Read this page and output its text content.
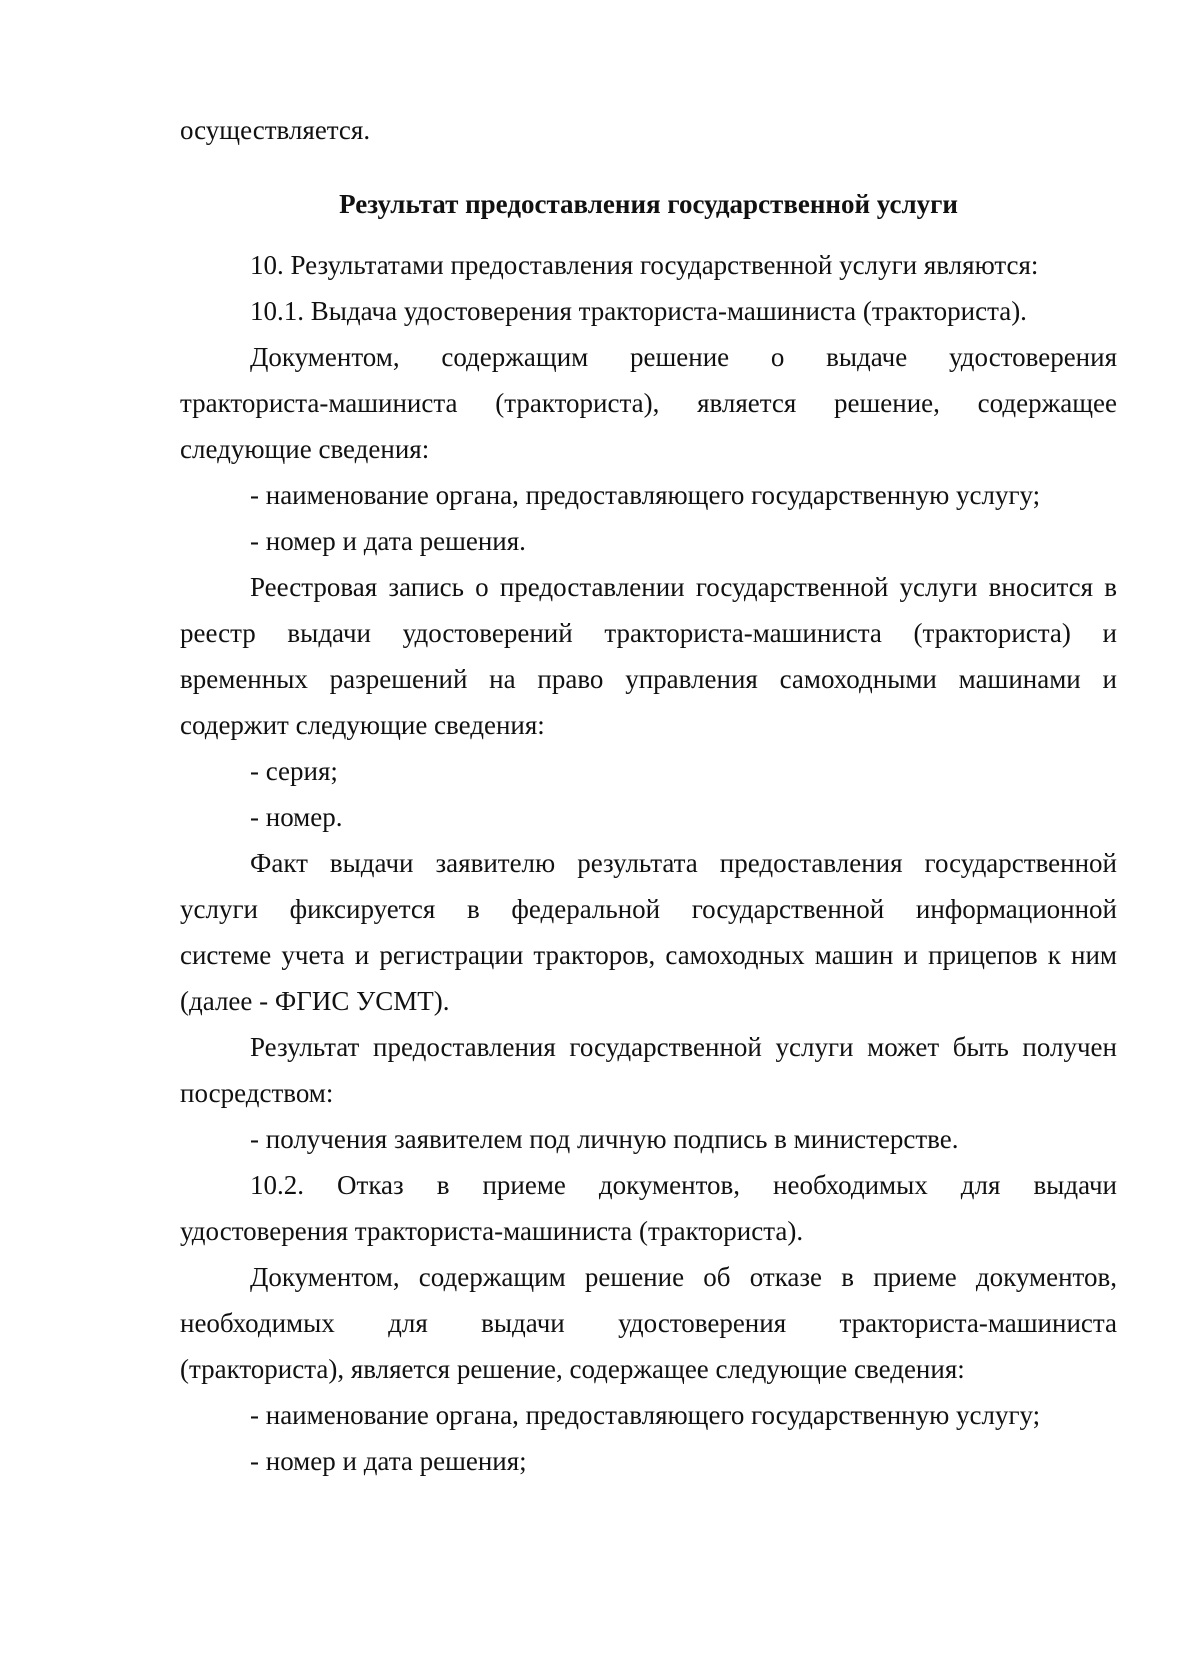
осуществляется.
Результат предоставления государственной услуги
10. Результатами предоставления государственной услуги являются:
10.1. Выдача удостоверения тракториста-машиниста (тракториста).
Документом, содержащим решение о выдаче удостоверения
тракториста-машиниста (тракториста), является решение, содержащее
следующие сведения:
- наименование органа, предоставляющего государственную услугу;
- номер и дата решения.
Реестровая запись о предоставлении государственной услуги вносится в
реестр выдачи удостоверений тракториста-машиниста (тракториста) и
временных разрешений на право управления самоходными машинами и
содержит следующие сведения:
- серия;
- номер.
Факт выдачи заявителю результата предоставления государственной
услуги фиксируется в федеральной государственной информационной
системе учета и регистрации тракторов, самоходных машин и прицепов к ним
(далее - ФГИС УСМТ).
Результат предоставления государственной услуги может быть получен
посредством:
- получения заявителем под личную подпись в министерстве.
10.2. Отказ в приеме документов, необходимых для выдачи
удостоверения тракториста-машиниста (тракториста).
Документом, содержащим решение об отказе в приеме документов,
необходимых для выдачи удостоверения тракториста-машиниста
(тракториста), является решение, содержащее следующие сведения:
- наименование органа, предоставляющего государственную услугу;
- номер и дата решения;
